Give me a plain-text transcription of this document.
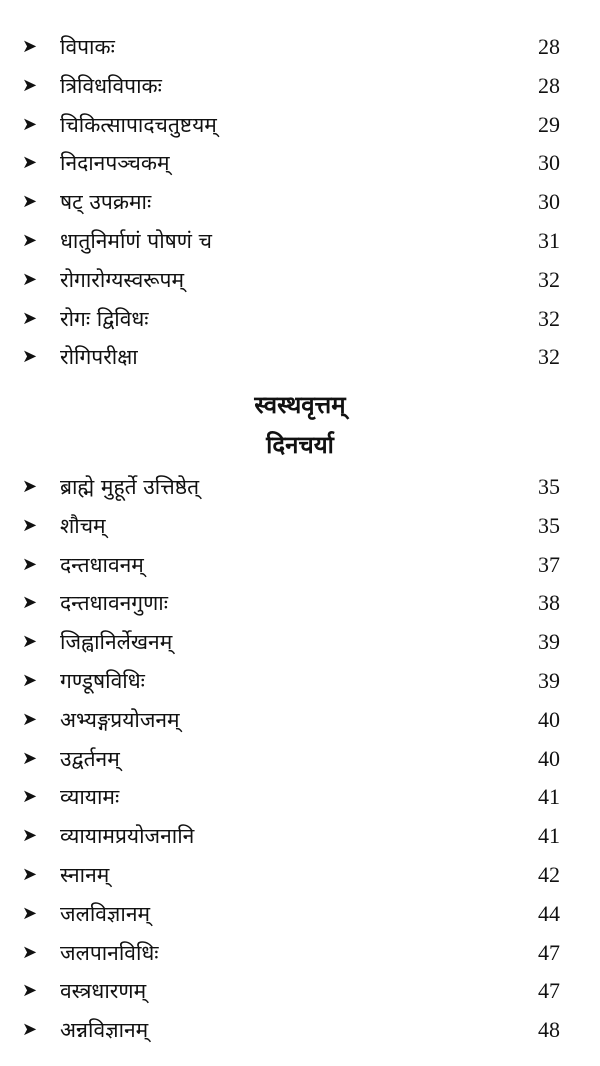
➤ विपाकः	28
➤ त्रिविधविपाकः	28
➤ चिकित्सापादचतुष्टयम्	29
➤ निदानपञ्चकम्	30
➤ षट् उपक्रमाः	30
➤ धातुनिर्माणं पोषणं च	31
➤ रोगारोग्यस्वरूपम्	32
➤ रोगः द्विविधः	32
➤ रोगिपरीक्षा	32
स्वस्थवृत्तम्
दिनचर्या
➤ ब्राह्मे मुहूर्ते उत्तिष्ठेत्	35
➤ शौचम्	35
➤ दन्तधावनम्	37
➤ दन्तधावनगुणाः	38
➤ जिह्वानिर्लेखनम्	39
➤ गण्डूषविधिः	39
➤ अभ्यङ्गप्रयोजनम्	40
➤ उद्वर्तनम्	40
➤ व्यायामः	41
➤ व्यायामप्रयोजनानि	41
➤ स्नानम्	42
➤ जलविज्ञानम्	44
➤ जलपानविधिः	47
➤ वस्त्रधारणम्	47
➤ अन्नविज्ञानम्	48
